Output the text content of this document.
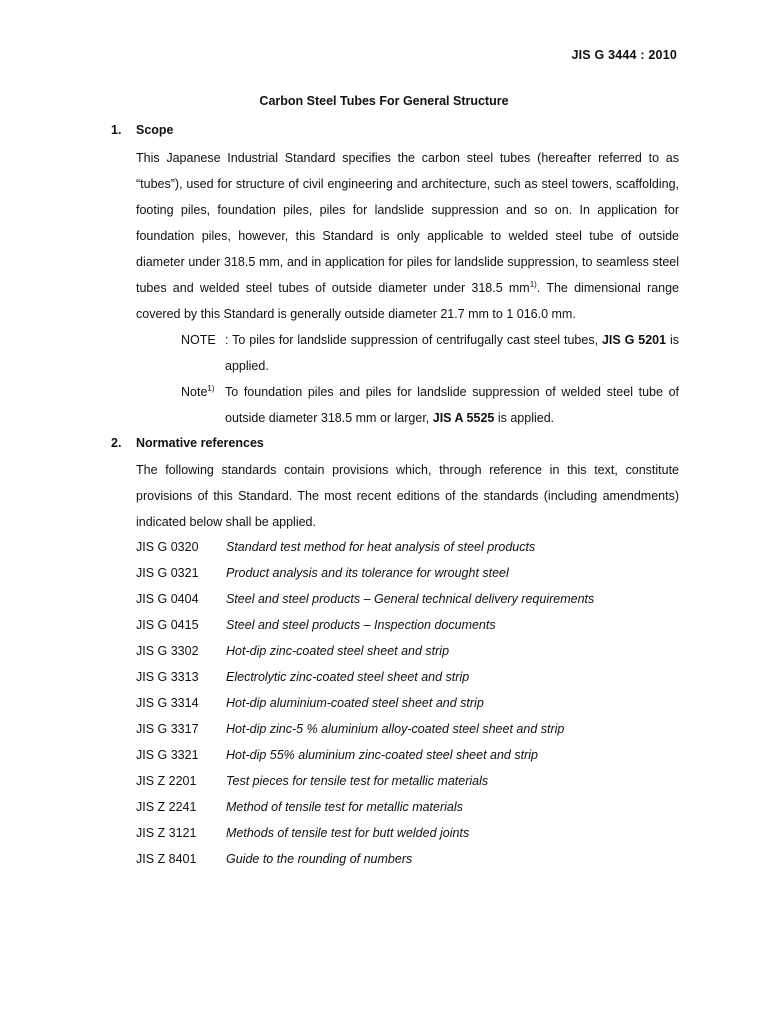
JIS G 3444 : 2010
Carbon Steel Tubes For General Structure
1. Scope

This Japanese Industrial Standard specifies the carbon steel tubes (hereafter referred to as “tubes”), used for structure of civil engineering and architecture, such as steel towers, scaffolding, footing piles, foundation piles, piles for landslide suppression and so on. In application for foundation piles, however, this Standard is only applicable to welded steel tube of outside diameter under 318.5 mm, and in application for piles for landslide suppression, to seamless steel tubes and welded steel tubes of outside diameter under 318.5 $mm^{1)}$. The dimensional range covered by this Standard is generally outside diameter 21.7 mm to 1 016.0 mm.

NOTE : To piles for landslide suppression of centrifugally cast steel tubes, JIS G 5201 is applied.
Note$^{1)}$ To foundation piles and piles for landslide suppression of welded steel tube of outside diameter 318.5 mm or larger, JIS A 5525 is applied.
2. Normative references

The following standards contain provisions which, through reference in this text, constitute provisions of this Standard. The most recent editions of the standards (including amendments) indicated below shall be applied.

JIS G 0320 Standard test method for heat analysis of steel products
JIS G 0321 Product analysis and its tolerance for wrought steel
JIS G 0404 Steel and steel products – General technical delivery requirements
JIS G 0415 Steel and steel products – Inspection documents
JIS G 3302 Hot-dip zinc-coated steel sheet and strip
JIS G 3313 Electrolytic zinc-coated steel sheet and strip
JIS G 3314 Hot-dip aluminium-coated steel sheet and strip
JIS G 3317 Hot-dip zinc-5 % aluminium alloy-coated steel sheet and strip
JIS G 3321 Hot-dip 55% aluminium zinc-coated steel sheet and strip
JIS Z 2201 Test pieces for tensile test for metallic materials
JIS Z 2241 Method of tensile test for metallic materials
JIS Z 3121 Methods of tensile test for butt welded joints
JIS Z 8401 Guide to the rounding of numbers
